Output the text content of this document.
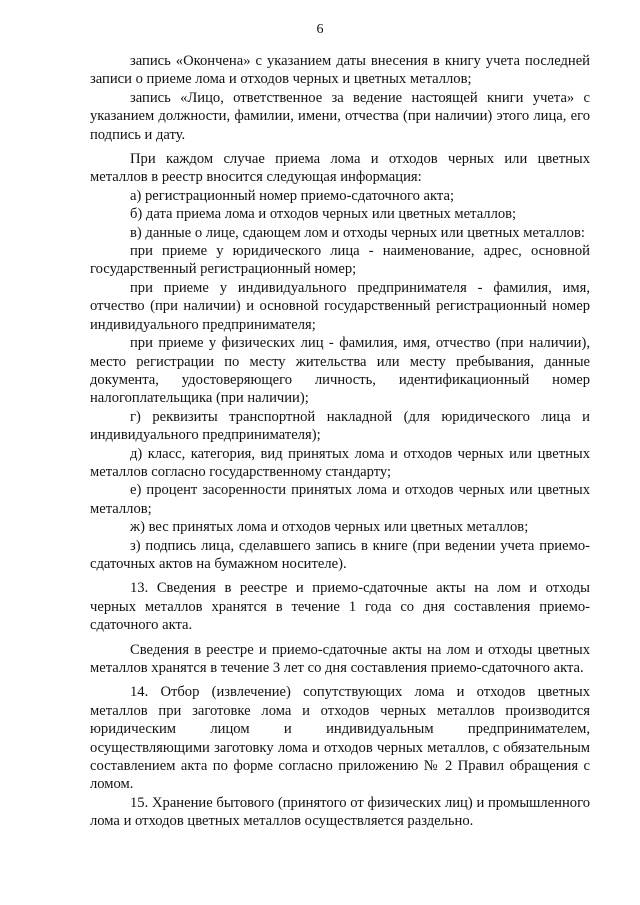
6

запись «Окончена» с указанием даты внесения в книгу учета последней записи о приеме лома и отходов черных и цветных металлов;

запись «Лицо, ответственное за ведение настоящей книги учета» с указанием должности, фамилии, имени, отчества (при наличии) этого лица, его подпись и дату.

При каждом случае приема лома и отходов черных или цветных металлов в реестр вносится следующая информация:

а) регистрационный номер приемо-сдаточного акта;

б) дата приема лома и отходов черных или цветных металлов;

в) данные о лице, сдающем лом и отходы черных или цветных металлов:

при приеме у юридического лица - наименование, адрес, основной государственный регистрационный номер;

при приеме у индивидуального предпринимателя - фамилия, имя, отчество (при наличии) и основной государственный регистрационный номер индивидуального предпринимателя;

при приеме у физических лиц - фамилия, имя, отчество (при наличии), место регистрации по месту жительства или месту пребывания, данные документа, удостоверяющего личность, идентификационный номер налогоплательщика (при наличии);

г) реквизиты транспортной накладной (для юридического лица и индивидуального предпринимателя);

д) класс, категория, вид принятых лома и отходов черных или цветных металлов согласно государственному стандарту;

е) процент засоренности принятых лома и отходов черных или цветных металлов;

ж) вес принятых лома и отходов черных или цветных металлов;

з) подпись лица, сделавшего запись в книге (при ведении учета приемо-сдаточных актов на бумажном носителе).

13. Сведения в реестре и приемо-сдаточные акты на лом и отходы черных металлов хранятся в течение 1 года со дня составления приемо-сдаточного акта.

Сведения в реестре и приемо-сдаточные акты на лом и отходы цветных металлов хранятся в течение 3 лет со дня составления приемо-сдаточного акта.

14. Отбор (извлечение) сопутствующих лома и отходов цветных металлов при заготовке лома и отходов черных металлов производится юридическим лицом и индивидуальным предпринимателем, осуществляющими заготовку лома и отходов черных металлов, с обязательным составлением акта по форме согласно приложению № 2 Правил обращения с ломом.

15. Хранение бытового (принятого от физических лиц) и промышленного лома и отходов цветных металлов осуществляется раздельно.
